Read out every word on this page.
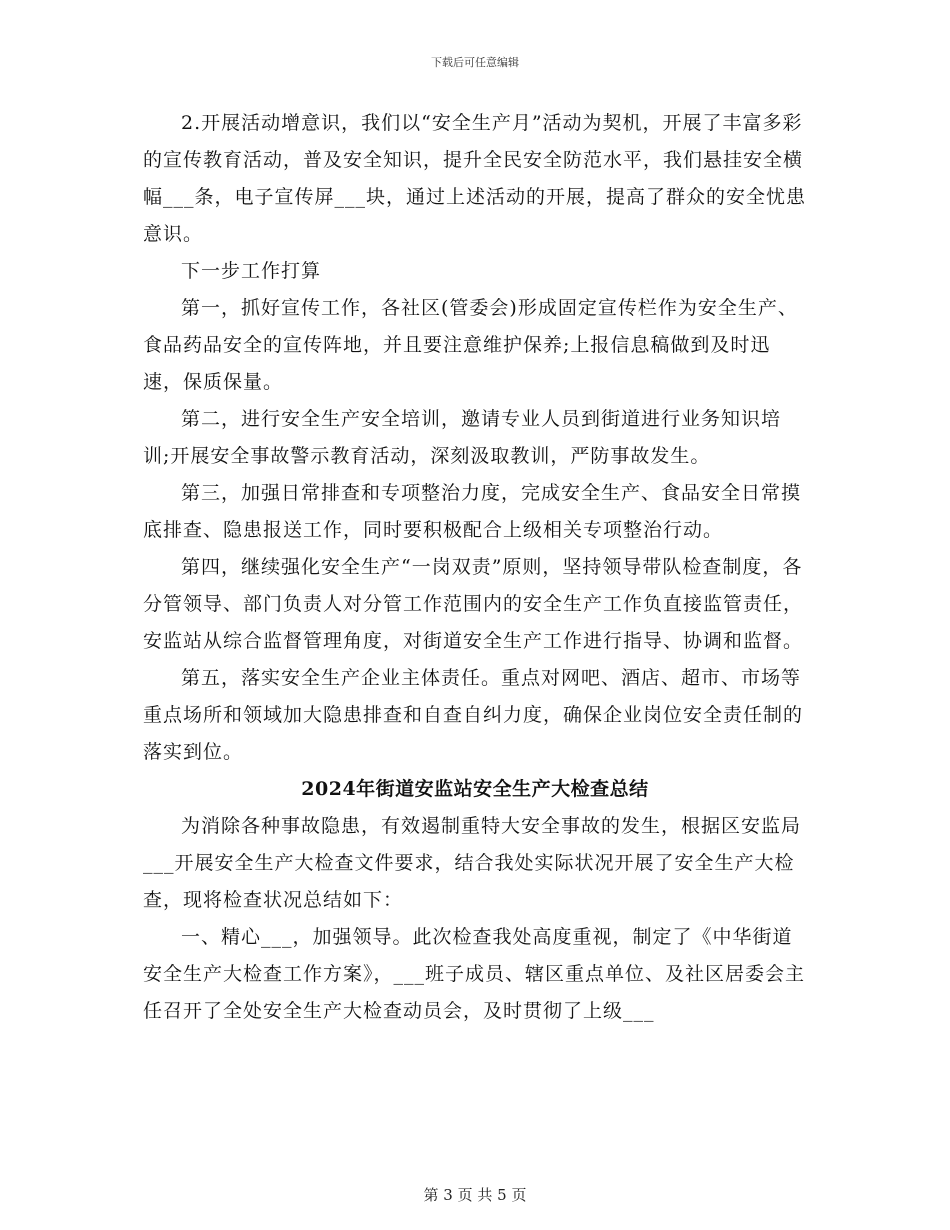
下载后可任意编辑

2.开展活动增意识，我们以“安全生产月”活动为契机，开展了丰富多彩的宣传教育活动，普及安全知识，提升全民安全防范水平，我们悬挂安全横幅___条，电子宣传屏___块，通过上述活动的开展，提高了群众的安全忧患意识。

下一步工作打算

第一，抓好宣传工作，各社区(管委会)形成固定宣传栏作为安全生产、食品药品安全的宣传阵地，并且要注意维护保养;上报信息稿做到及时迅速，保质保量。

第二，进行安全生产安全培训，邀请专业人员到街道进行业务知识培训;开展安全事故警示教育活动，深刻汲取教训，严防事故发生。

第三，加强日常排查和专项整治力度，完成安全生产、食品安全日常摸底排查、隐患报送工作，同时要积极配合上级相关专项整治行动。

第四，继续强化安全生产“一岗双责”原则，坚持领导带队检查制度，各分管领导、部门负责人对分管工作范围内的安全生产工作负直接监管责任，安监站从综合监督管理角度，对街道安全生产工作进行指导、协调和监督。

第五，落实安全生产企业主体责任。重点对网吧、酒店、超市、市场等重点场所和领域加大隐患排查和自查自纠力度，确保企业岗位安全责任制的落实到位。

2024年街道安监站安全生产大检查总结

为消除各种事故隐患，有效遏制重特大安全事故的发生，根据区安监局___开展安全生产大检查文件要求，结合我处实际状况开展了安全生产大检查，现将检查状况总结如下：

一、精心___，加强领导。此次检查我处高度重视，制定了《中华街道安全生产大检查工作方案》，___班子成员、辖区重点单位、及社区居委会主任召开了全处安全生产大检查动员会，及时贯彻了上级___

第 3 页 共 5 页
